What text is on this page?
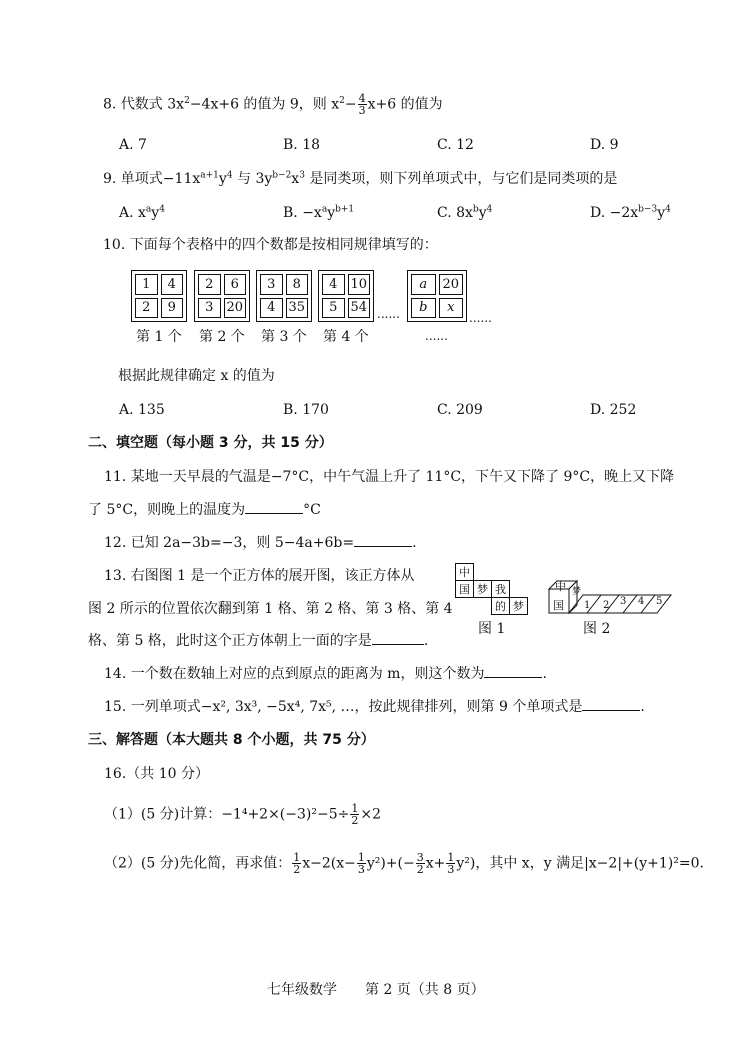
8. 代数式 $3x^2-4x+6$ 的值为 9，则 $x^2- \frac{4}{3} x+6$ 的值为
A. 7	B. 18	C. 12	D. 9
9. 单项式$-11x^{a+1}y^4$ 与 $3y^{b-2}x^3$ 是同类项，则下列单项式中，与它们是同类项的是
A. $x^ay^4$	B. $-x^ay^{b+1}$	C. $8x^by^4$	D. $-2x^{b-3}y^4$
10. 下面每个表格中的四个数都是按相同规律填写的：
1	4
2	9
2	6
3	20
3	8
4	35
4	10
5	54 ......
a	20
b	x
......
第 1 个 第 2 个 第 3 个 第 4 个	......
根据此规律确定 x 的值为
A. 135	B. 170	C. 209	D. 252
二、填空题（每小题 3 分，共 15 分）
11. 某地一天早晨的气温是−7°C，中午气温上升了 11°C，下午又下降了 9°C，晚上又下降
了 5°C，则晚上的温度为	°C
12. 已知 2a−3b=−3，则 5−4a+6b=	.
13. 右图图 1 是一个正方体的展开图，该正方体从
图 2 所示的位置依次翻到第 1 格、第 2 格、第 3 格、第 4
格、第 5 格，此时这个正方体朝上一面的字是	.
中
国 梦 我
的 梦
图 1
中
国
梦
1 2 3 4 5
图 2
14. 一个数在数轴上对应的点到原点的距离为 m，则这个数为	.
15. 一列单项式−x², 3x³, −5x⁴, 7x⁵, …，按此规律排列，则第 9 个单项式是	.
三、解答题（本大题共 8 个小题，共 75 分）
16.（共 10 分）
（1）(5 分)计算：$-1^4+2\times(-3)^2-5\div \frac{1}{2} \times 2$
（2）(5 分)先化简，再求值： $\frac{1}{2} x-2(x- \frac{1}{3} y^2)+(- \frac{3}{2} x+ \frac{1}{3} y^2)$，其中 x，y 满足|x−2|+(y+1)²=0.
七年级数学　　第 2 页（共 8 页）
